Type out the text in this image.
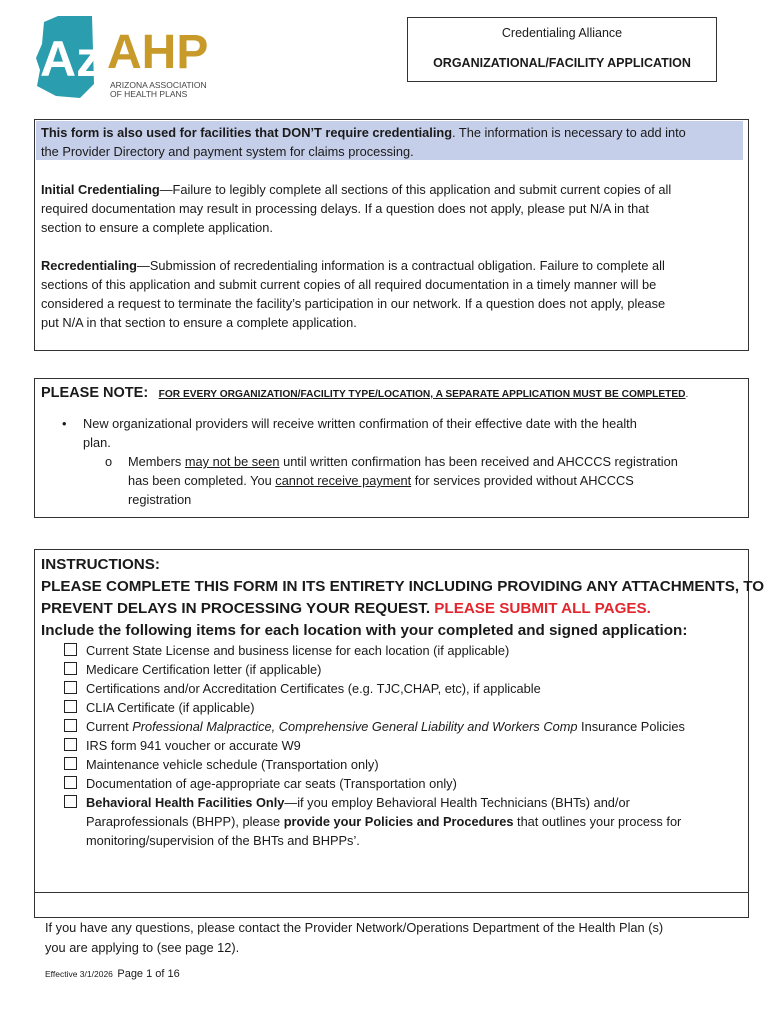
Az AHP
ARIZONA ASSOCIATION
OF HEALTH PLANS
Credentialing Alliance
ORGANIZATIONAL/FACILITY APPLICATION
This form is also used for facilities that DON’T require credentialing. The information is necessary to add into
the Provider Directory and payment system for claims processing.
Initial Credentialing—Failure to legibly complete all sections of this application and submit current copies of all
required documentation may result in processing delays. If a question does not apply, please put N/A in that
section to ensure a complete application.
Recredentialing—Submission of recredentialing information is a contractual obligation. Failure to complete all
sections of this application and submit current copies of all required documentation in a timely manner will be
considered a request to terminate the facility’s participation in our network. If a question does not apply, please
put N/A in that section to ensure a complete application.
PLEASE NOTE: FOR EVERY ORGANIZATION/FACILITY TYPE/LOCATION, A SEPARATE APPLICATION MUST BE COMPLETED.
• New organizational providers will receive written confirmation of their effective date with the health
plan.
o Members may not be seen until written confirmation has been received and AHCCCS registration
has been completed. You cannot receive payment for services provided without AHCCCS
registration
INSTRUCTIONS:
PLEASE COMPLETE THIS FORM IN ITS ENTIRETY INCLUDING PROVIDING ANY ATTACHMENTS, TO
PREVENT DELAYS IN PROCESSING YOUR REQUEST. PLEASE SUBMIT ALL PAGES.
Include the following items for each location with your completed and signed application:
Current State License and business license for each location (if applicable)
Medicare Certification letter (if applicable)
Certifications and/or Accreditation Certificates (e.g. TJC,CHAP, etc), if applicable
CLIA Certificate (if applicable)
Current Professional Malpractice, Comprehensive General Liability and Workers Comp Insurance Policies
IRS form 941 voucher or accurate W9
Maintenance vehicle schedule (Transportation only)
Documentation of age-appropriate car seats (Transportation only)
Behavioral Health Facilities Only—if you employ Behavioral Health Technicians (BHTs) and/or
Paraprofessionals (BHPP), please provide your Policies and Procedures that outlines your process for
monitoring/supervision of the BHTs and BHPPs’.
If you have any questions, please contact the Provider Network/Operations Department of the Health Plan (s)
you are applying to (see page 12).
Effective 3/1/2026 Page 1 of 16
